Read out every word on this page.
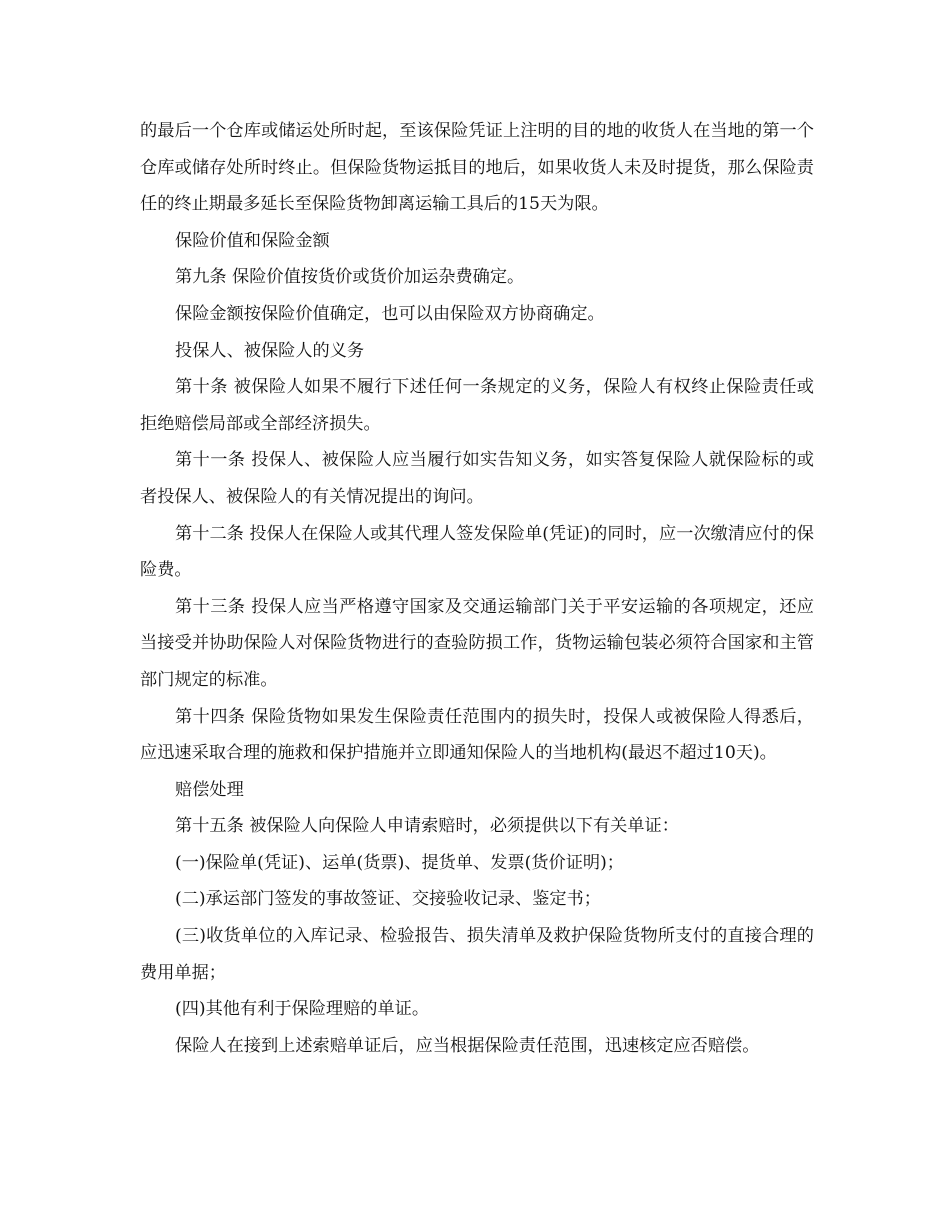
的最后一个仓库或储运处所时起，至该保险凭证上注明的目的地的收货人在当地的第一个仓库或储存处所时终止。但保险货物运抵目的地后，如果收货人未及时提货，那么保险责任的终止期最多延长至保险货物卸离运输工具后的15天为限。

保险价值和保险金额

第九条 保险价值按货价或货价加运杂费确定。

保险金额按保险价值确定，也可以由保险双方协商确定。

投保人、被保险人的义务

第十条 被保险人如果不履行下述任何一条规定的义务，保险人有权终止保险责任或拒绝赔偿局部或全部经济损失。

第十一条 投保人、被保险人应当履行如实告知义务，如实答复保险人就保险标的或者投保人、被保险人的有关情况提出的询问。

第十二条 投保人在保险人或其代理人签发保险单(凭证)的同时，应一次缴清应付的保险费。

第十三条 投保人应当严格遵守国家及交通运输部门关于平安运输的各项规定，还应当接受并协助保险人对保险货物进行的查验防损工作，货物运输包装必须符合国家和主管部门规定的标准。

第十四条 保险货物如果发生保险责任范围内的损失时，投保人或被保险人得悉后，应迅速采取合理的施救和保护措施并立即通知保险人的当地机构(最迟不超过10天)。

赔偿处理

第十五条 被保险人向保险人申请索赔时，必须提供以下有关单证：

(一)保险单(凭证)、运单(货票)、提货单、发票(货价证明)；

(二)承运部门签发的事故签证、交接验收记录、鉴定书；

(三)收货单位的入库记录、检验报告、损失清单及救护保险货物所支付的直接合理的费用单据；

(四)其他有利于保险理赔的单证。

保险人在接到上述索赔单证后，应当根据保险责任范围，迅速核定应否赔偿。
